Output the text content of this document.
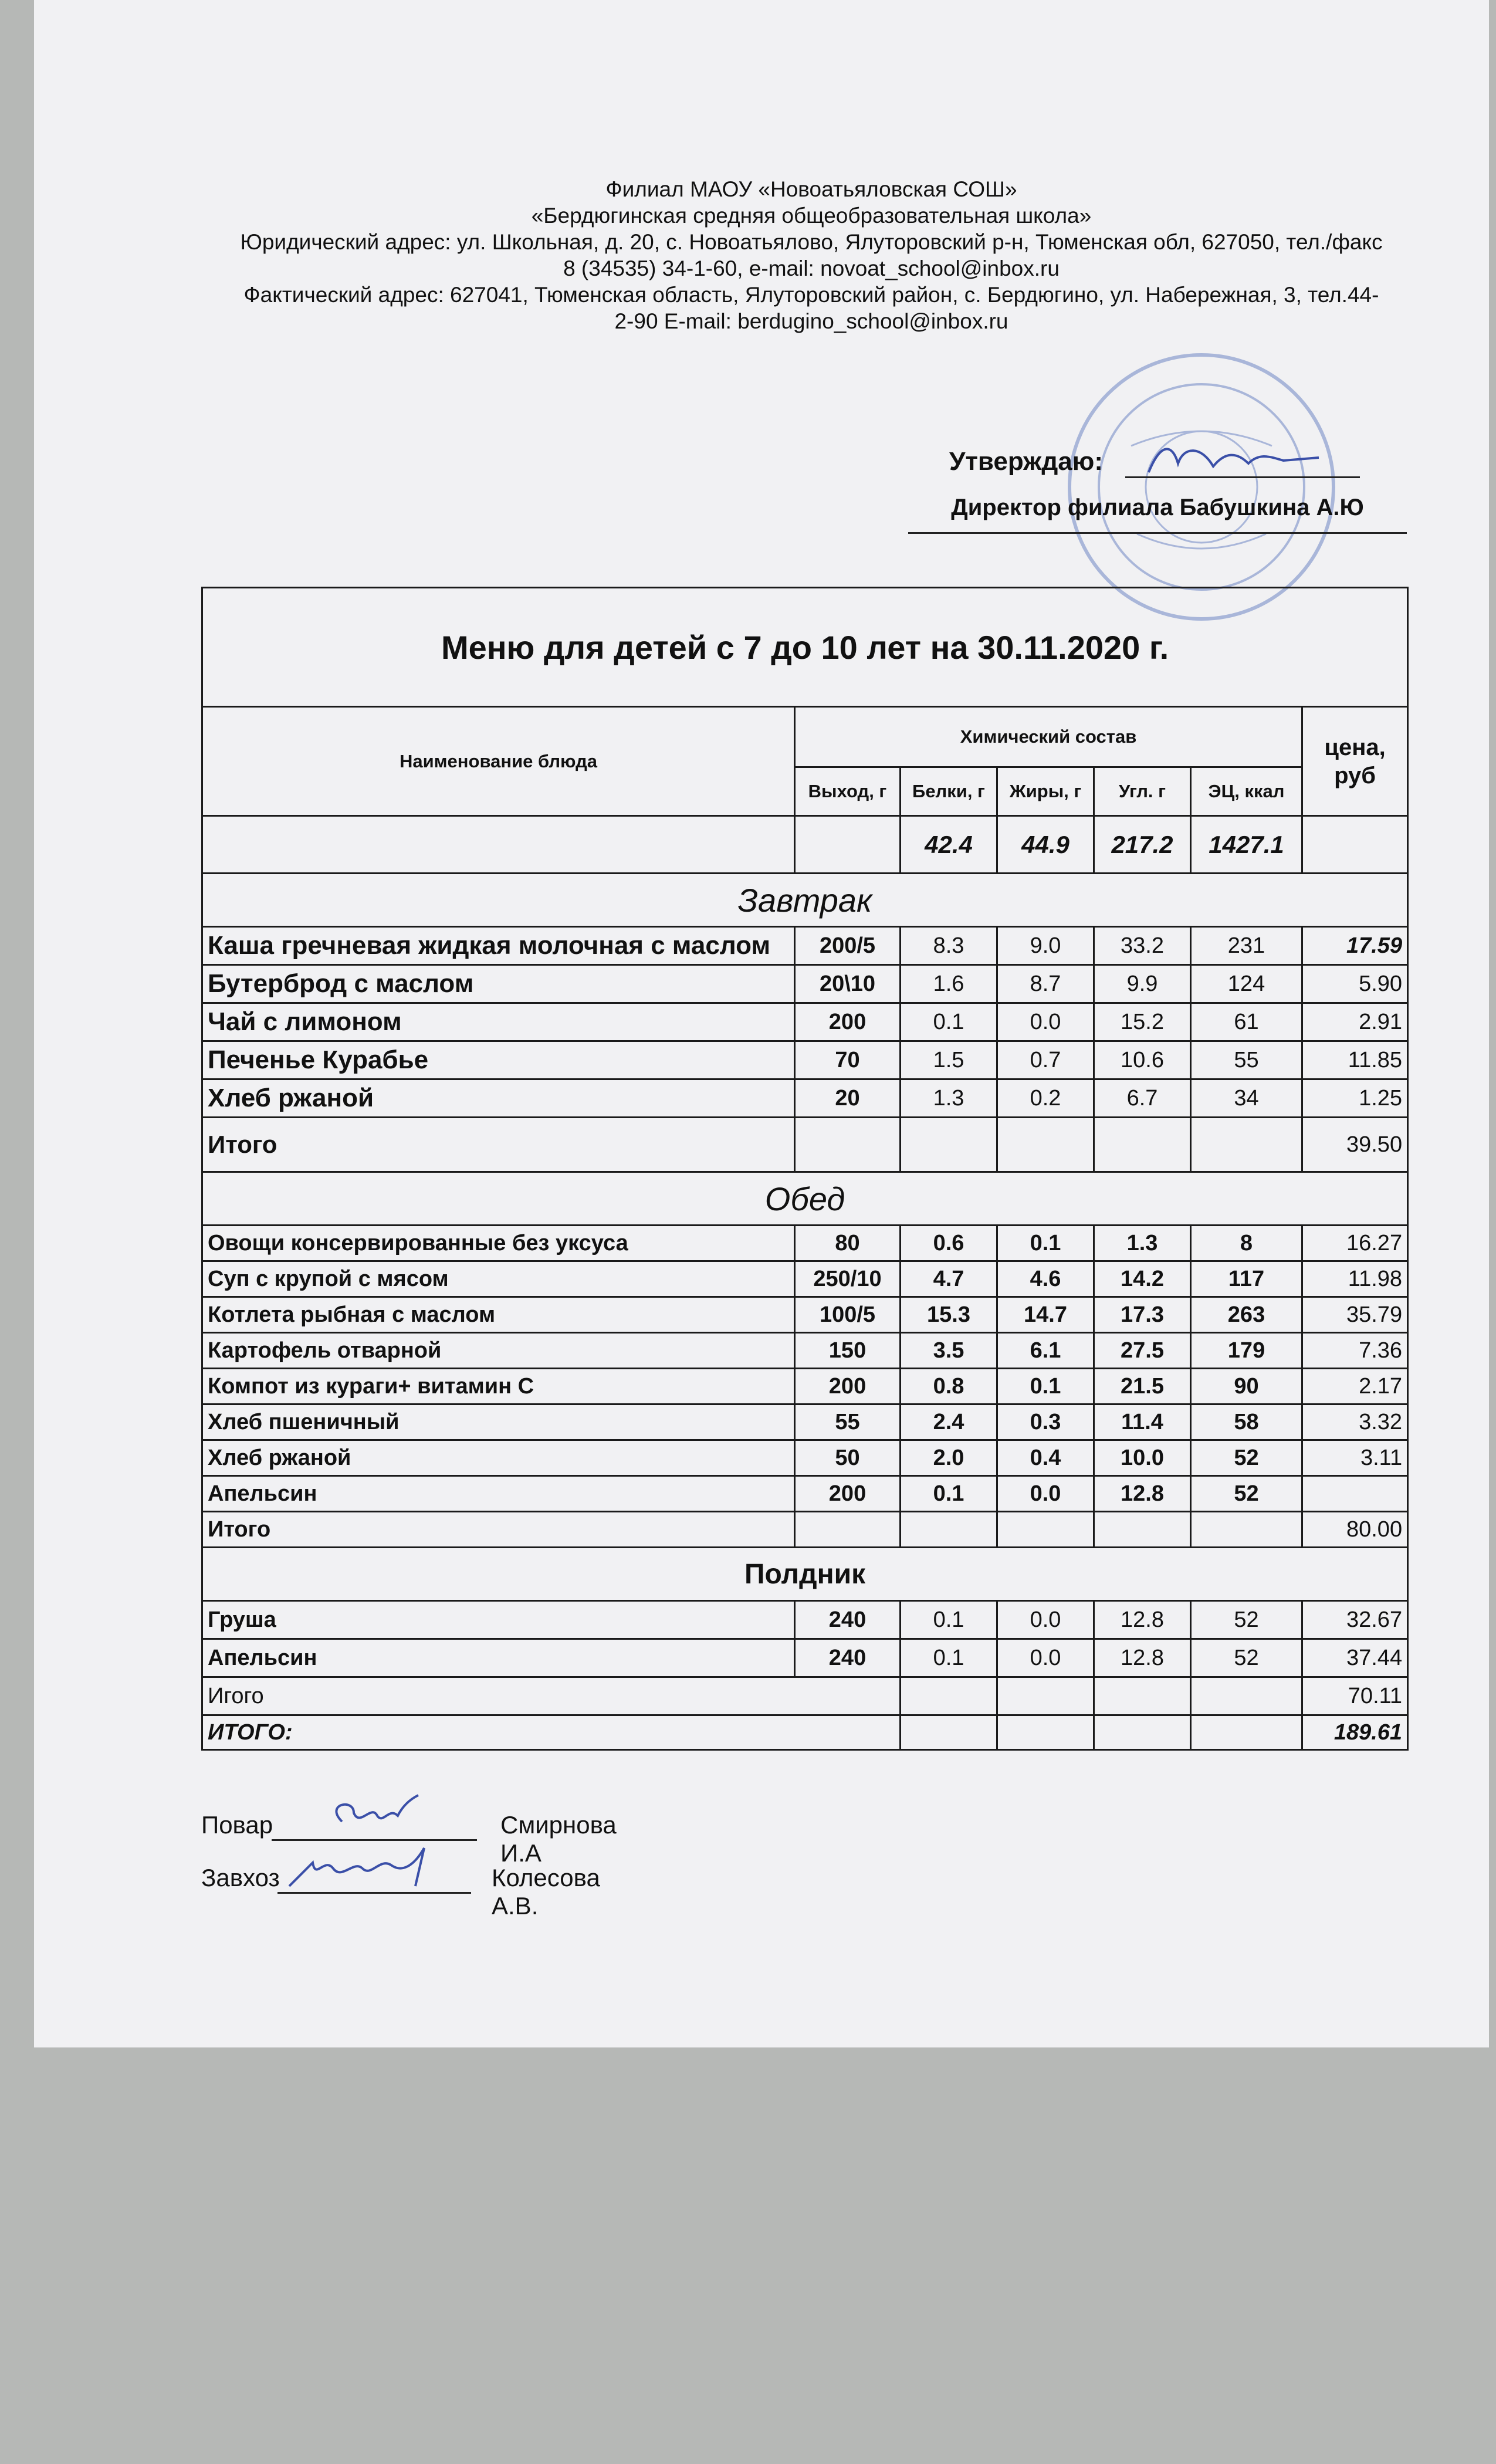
Филиал МАОУ «Новоатьяловская СОШ»
«Бердюгинская средняя общеобразовательная школа»
Юридический адрес: ул. Школьная, д. 20, с. Новоатьялово, Ялуторовский р-н, Тюменская обл, 627050, тел./факс
8 (34535) 34-1-60, e-mail: novoat_school@inbox.ru
Фактический адрес: 627041, Тюменская область, Ялуторовский район, с. Бердюгино, ул. Набережная, 3, тел.44-
2-90 E-mail: berdugino_school@inbox.ru
Утверждаю:
Директор филиала Бабушкина А.Ю
Меню для детей с 7 до 10 лет на 30.11.2020 г.						
Наименование блюда	Химический состав					цена, руб
	Выход, г	Белки, г	Жиры, г	Угл. г	ЭЦ, ккал	
		42.4	44.9	217.2	1427.1	
Завтрак						
Каша гречневая жидкая молочная с маслом	200/5	8.3	9.0	33.2	231	17.59
Бутерброд с маслом	20\10	1.6	8.7	9.9	124	5.90
Чай с лимоном	200	0.1	0.0	15.2	61	2.91
Печенье Курабье	70	1.5	0.7	10.6	55	11.85
Хлеб ржаной	20	1.3	0.2	6.7	34	1.25
Итого						39.50
Обед						
Овощи консервированные без уксуса	80	0.6	0.1	1.3	8	16.27
Суп с крупой с мясом	250/10	4.7	4.6	14.2	117	11.98
Котлета рыбная с маслом	100/5	15.3	14.7	17.3	263	35.79
Картофель отварной	150	3.5	6.1	27.5	179	7.36
Компот из кураги+ витамин С	200	0.8	0.1	21.5	90	2.17
Хлеб пшеничный	55	2.4	0.3	11.4	58	3.32
Хлеб ржаной	50	2.0	0.4	10.0	52	3.11
Апельсин	200	0.1	0.0	12.8	52	
Итого						80.00
Полдник						
Груша	240	0.1	0.0	12.8	52	32.67
Апельсин	240	0.1	0.0	12.8	52	37.44
Игого						70.11
ИТОГО:						189.61
Повар	Смирнова И.А
Завхоз	Колесова А.В.
